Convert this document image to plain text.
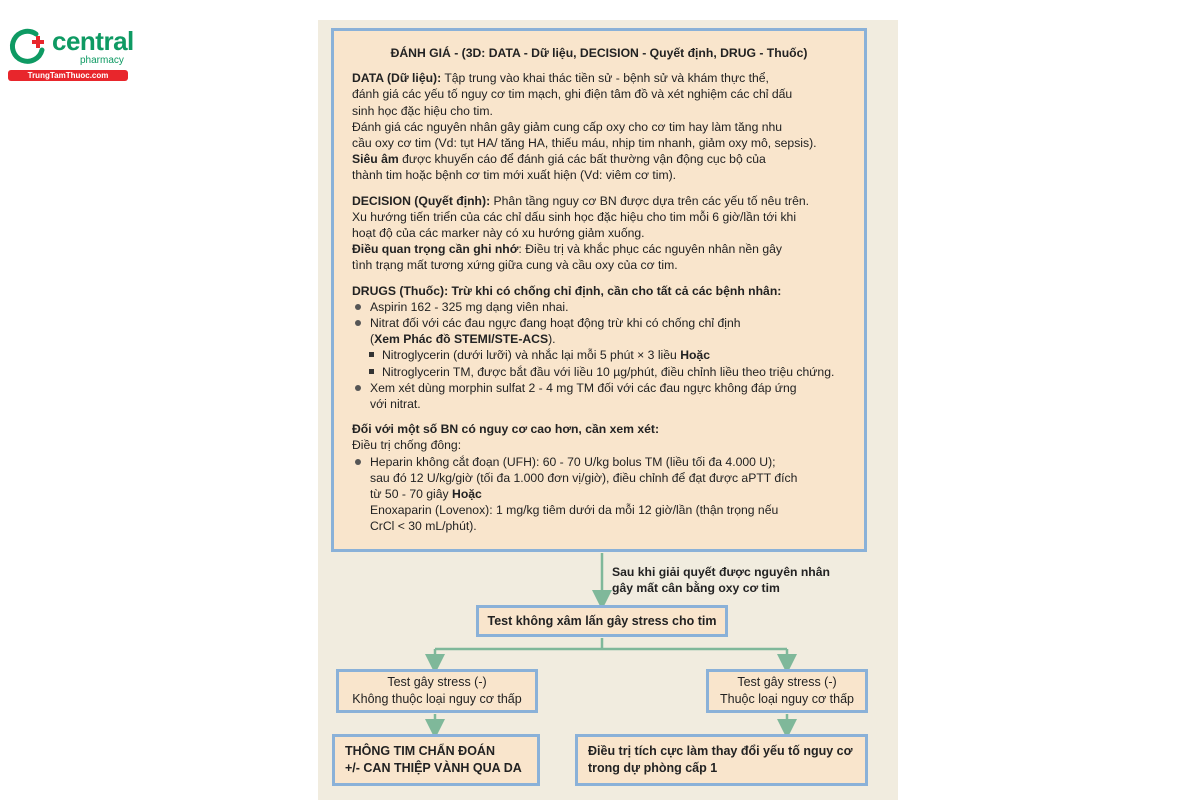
central
pharmacy
TrungTamThuoc.com

ĐÁNH GIÁ - (3D: DATA - Dữ liệu, DECISION - Quyết định, DRUG - Thuốc)

DATA (Dữ liệu): Tập trung vào khai thác tiền sử - bệnh sử và khám thực thể,

đánh giá các yếu tố nguy cơ tim mạch, ghi điện tâm đồ và xét nghiệm các chỉ dấu

sinh học đặc hiệu cho tim.

Đánh giá các nguyên nhân gây giảm cung cấp oxy cho cơ tim hay làm tăng nhu

cầu oxy cơ tim (Vd: tụt HA/ tăng HA, thiếu máu, nhịp tim nhanh, giảm oxy mô, sepsis).

Siêu âm được khuyến cáo để đánh giá các bất thường vận động cục bộ của

thành tim hoặc bệnh cơ tim mới xuất hiện (Vd: viêm cơ tim).

DECISION (Quyết định): Phân tầng nguy cơ BN được dựa trên các yếu tố nêu trên.

Xu hướng tiến triển của các chỉ dấu sinh học đặc hiệu cho tim mỗi 6 giờ/lần tới khi

hoạt độ của các marker này có xu hướng giảm xuống.

Điều quan trọng cần ghi nhớ: Điều trị và khắc phục các nguyên nhân nền gây

tình trạng mất tương xứng giữa cung và cầu oxy của cơ tim.

DRUGS (Thuốc): Trừ khi có chống chỉ định, cần cho tất cả các bệnh nhân:

Aspirin 162 - 325 mg dạng viên nhai.
Nitrat đối với các đau ngực đang hoạt động trừ khi có chống chỉ định
(Xem Phác đồ STEMI/STE-ACS).
Nitroglycerin (dưới lưỡi) và nhắc lại mỗi 5 phút × 3 liều Hoặc
Nitroglycerin TM, được bắt đầu với liều 10 µg/phút, điều chỉnh liều theo triệu chứng.
Xem xét dùng morphin sulfat 2 - 4 mg TM đối với các đau ngực không đáp ứng
với nitrat.

Đối với một số BN có nguy cơ cao hơn, cần xem xét:

Điều trị chống đông:

Heparin không cắt đoạn (UFH): 60 - 70 U/kg bolus TM (liều tối đa 4.000 U);
sau đó 12 U/kg/giờ (tối đa 1.000 đơn vị/giờ), điều chỉnh để đạt được aPTT đích
từ 50 - 70 giây Hoặc

Enoxaparin (Lovenox): 1 mg/kg tiêm dưới da mỗi 12 giờ/lần (thận trọng nếu

CrCl < 30 mL/phút).

Sau khi giải quyết được nguyên nhân
gây mất cân bằng oxy cơ tim
Test không xâm lấn gây stress cho tim
Test gây stress (-)
Không thuộc loại nguy cơ thấp
Test gây stress (-)
Thuộc loại nguy cơ thấp
THÔNG TIM CHẨN ĐOÁN
+/- CAN THIỆP VÀNH QUA DA
Điều trị tích cực làm thay đổi yếu tố nguy cơ
trong dự phòng cấp 1
